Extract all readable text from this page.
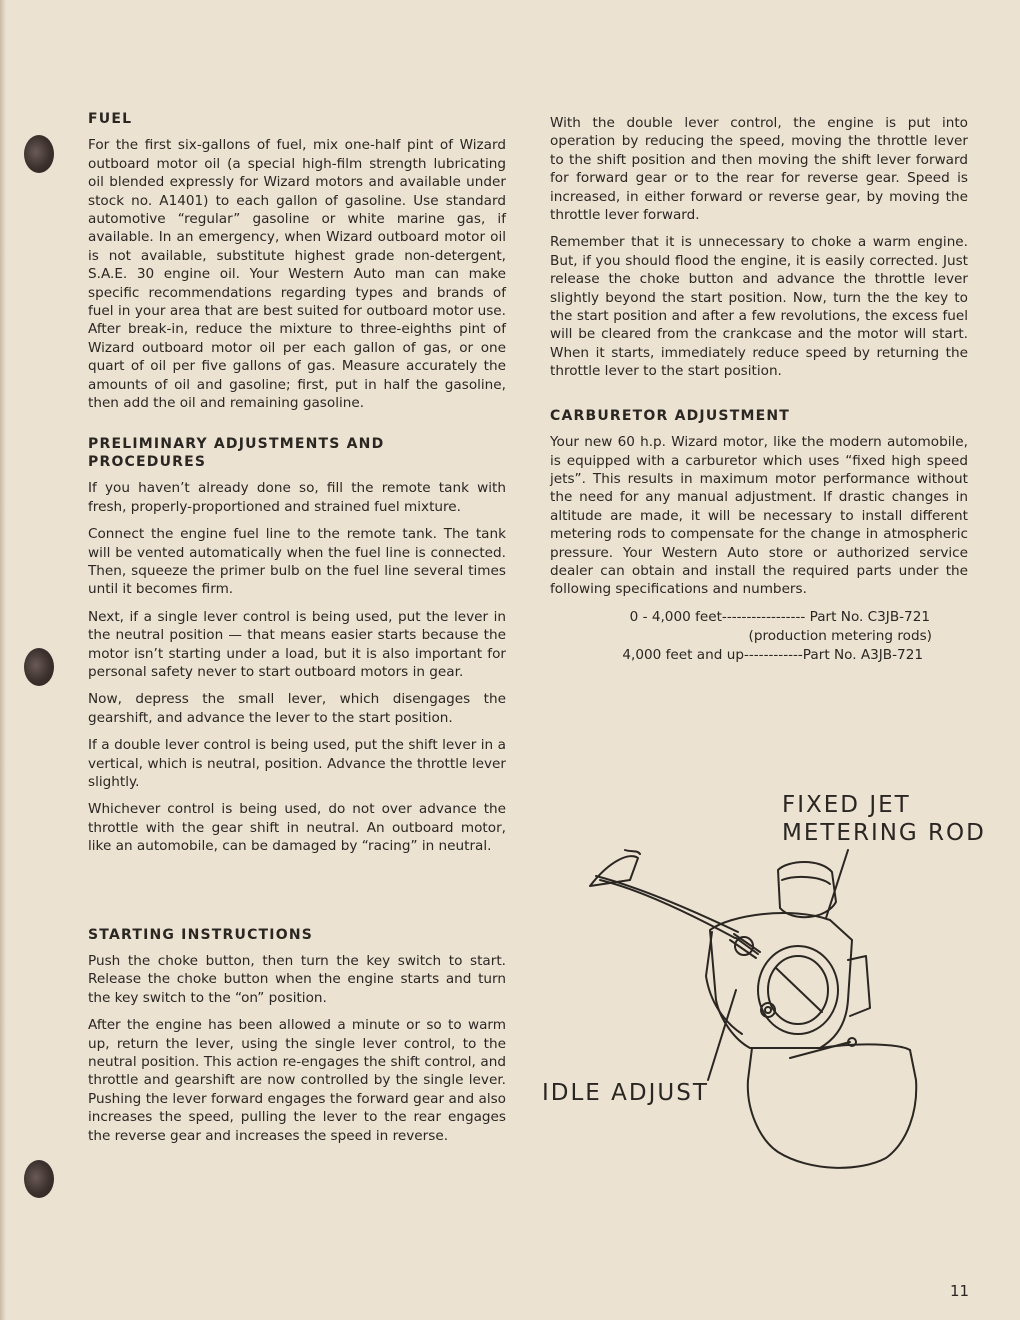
FUEL

For the first six-gallons of fuel, mix one-half pint of Wizard outboard motor oil (a special high-film strength lubricating oil blended expressly for Wizard motors and available under stock no. A1401) to each gallon of gasoline. Use standard automotive “regular” gasoline or white marine gas, if available. In an emergency, when Wizard outboard motor oil is not available, substitute highest grade non-detergent, S.A.E. 30 engine oil. Your Western Auto man can make specific recommendations regarding types and brands of fuel in your area that are best suited for outboard motor use. After break-in, reduce the mixture to three-eighths pint of Wizard outboard motor oil per each gallon of gas, or one quart of oil per five gallons of gas. Measure accurately the amounts of oil and gasoline; first, put in half the gasoline, then add the oil and remaining gasoline.

PRELIMINARY ADJUSTMENTS AND PROCEDURES

If you haven’t already done so, fill the remote tank with fresh, properly-proportioned and strained fuel mixture.

Connect the engine fuel line to the remote tank. The tank will be vented automatically when the fuel line is connected. Then, squeeze the primer bulb on the fuel line several times until it becomes firm.

Next, if a single lever control is being used, put the lever in the neutral position — that means easier starts because the motor isn’t starting under a load, but it is also important for personal safety never to start outboard motors in gear.

Now, depress the small lever, which disengages the gearshift, and advance the lever to the start position.

If a double lever control is being used, put the shift lever in a vertical, which is neutral, position. Advance the throttle lever slightly.

Whichever control is being used, do not over advance the throttle with the gear shift in neutral. An outboard motor, like an automobile, can be damaged by “racing” in neutral.

STARTING INSTRUCTIONS

Push the choke button, then turn the key switch to start. Release the choke button when the engine starts and turn the key switch to the “on” position.

After the engine has been allowed a minute or so to warm up, return the lever, using the single lever control, to the neutral position. This action re-engages the shift control, and throttle and gearshift are now controlled by the single lever. Pushing the lever forward engages the forward gear and also increases the speed, pulling the lever to the rear engages the reverse gear and increases the speed in reverse.

With the double lever control, the engine is put into operation by reducing the speed, moving the throttle lever to the shift position and then moving the shift lever forward for forward gear or to the rear for reverse gear. Speed is increased, in either forward or reverse gear, by moving the throttle lever forward.

Remember that it is unnecessary to choke a warm engine. But, if you should flood the engine, it is easily corrected. Just release the choke button and advance the throttle lever slightly beyond the start position. Now, turn the the key to the start position and after a few revolutions, the excess fuel will be cleared from the crankcase and the motor will start. When it starts, immediately reduce speed by returning the throttle lever to the start position.

CARBURETOR ADJUSTMENT

Your new 60 h.p. Wizard motor, like the modern automobile, is equipped with a carburetor which uses “fixed high speed jets”. This results in maximum motor performance without the need for any manual adjustment. If drastic changes in altitude are made, it will be necessary to install different metering rods to compensate for the change in atmospheric pressure. Your Western Auto store or authorized service dealer can obtain and install the required parts under the following specifications and numbers.

0 - 4,000 feet----------------- Part No. C3JB-721
(production metering rods)
4,000 feet and up------------Part No. A3JB-721
FIXED JET
METERING ROD
IDLE ADJUST
11
